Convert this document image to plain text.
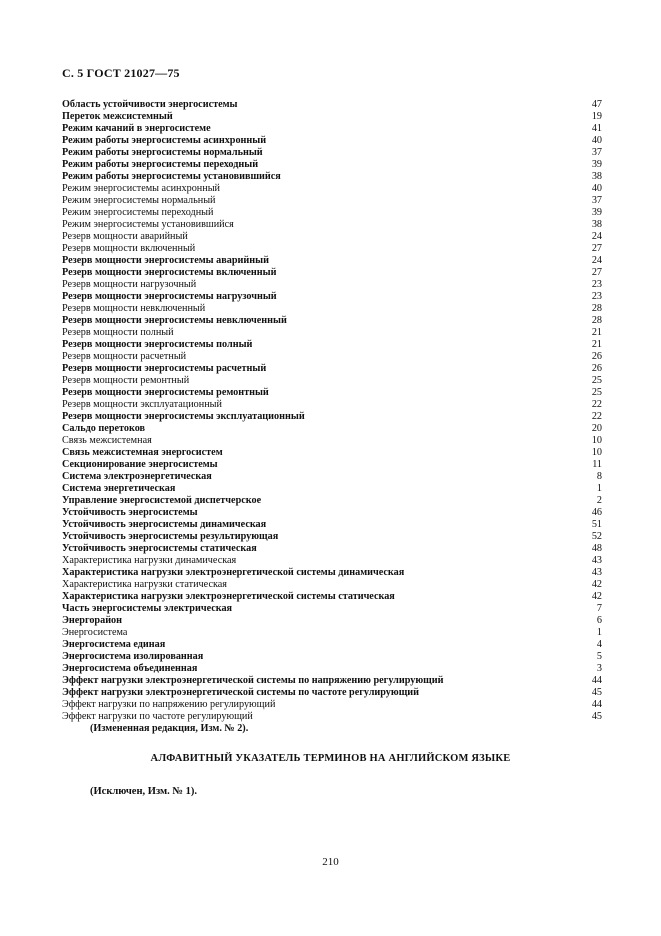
С. 5 ГОСТ 21027—75
Область устойчивости энергосистемы	47
Переток межсистемный	19
Режим качаний в энергосистеме	41
Режим работы энергосистемы асинхронный	40
Режим работы энергосистемы нормальный	37
Режим работы энергосистемы переходный	39
Режим работы энергосистемы установившийся	38
Режим энергосистемы асинхронный	40
Режим энергосистемы нормальный	37
Режим энергосистемы переходный	39
Режим энергосистемы установившийся	38
Резерв мощности аварийный	24
Резерв мощности включенный	27
Резерв мощности энергосистемы аварийный	24
Резерв мощности энергосистемы включенный	27
Резерв мощности нагрузочный	23
Резерв мощности энергосистемы нагрузочный	23
Резерв мощности невключенный	28
Резерв мощности энергосистемы невключенный	28
Резерв мощности полный	21
Резерв мощности энергосистемы полный	21
Резерв мощности расчетный	26
Резерв мощности энергосистемы расчетный	26
Резерв мощности ремонтный	25
Резерв мощности энергосистемы ремонтный	25
Резерв мощности эксплуатационный	22
Резерв мощности энергосистемы эксплуатационный	22
Сальдо перетоков	20
Связь межсистемная	10
Связь межсистемная энергосистем	10
Секционирование энергосистемы	11
Система электроэнергетическая	8
Система энергетическая	1
Управление энергосистемой диспетчерское	2
Устойчивость энергосистемы	46
Устойчивость энергосистемы динамическая	51
Устойчивость энергосистемы результирующая	52
Устойчивость энергосистемы статическая	48
Характеристика нагрузки динамическая	43
Характеристика нагрузки электроэнергетической системы динамическая	43
Характеристика нагрузки статическая	42
Характеристика нагрузки электроэнергетической системы статическая	42
Часть энергосистемы электрическая	7
Энергорайон	6
Энергосистема	1
Энергосистема единая	4
Энергосистема изолированная	5
Энергосистема объединенная	3
Эффект нагрузки электроэнергетической системы по напряжению регулирующий	44
Эффект нагрузки электроэнергетической системы по частоте регулирующий	45
Эффект нагрузки по напряжению регулирующий	44
Эффект нагрузки по частоте регулирующий	45
(Измененная редакция, Изм. № 2).
АЛФАВИТНЫЙ УКАЗАТЕЛЬ ТЕРМИНОВ НА АНГЛИЙСКОМ ЯЗЫКЕ
(Исключен, Изм. № 1).
210
